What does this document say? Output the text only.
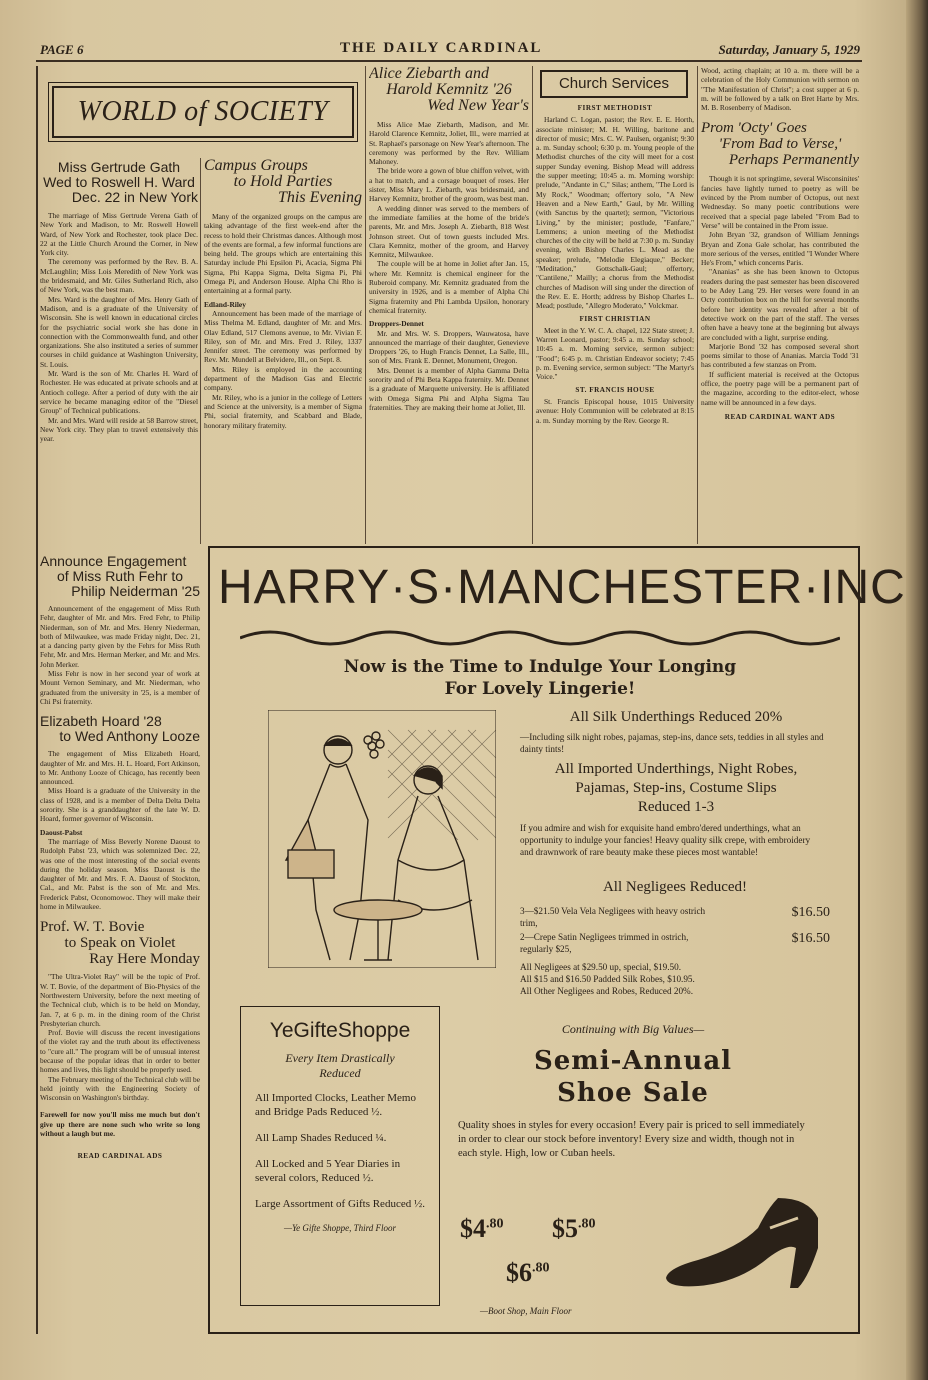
PAGE 6	THE DAILY CARDINAL	Saturday, January 5, 1929
WORLD of SOCIETY
Miss Gertrude Gath
Wed to Roswell H. Ward
Dec. 22 in New York

The marriage of Miss Gertrude Verena Gath of New York and Madison, to Mr. Roswell Howell Ward, of New York and Rochester, took place Dec. 22 at the Little Church Around the Corner, in New York city.

The ceremony was performed by the Rev. B. A. McLaughlin; Miss Lois Meredith of New York was the bridesmaid, and Mr. Giles Sutherland Rich, also of New York, was the best man.

Mrs. Ward is the daughter of Mrs. Henry Gath of Madison, and is a graduate of the University of Wisconsin. She is well known in educational circles for the psychiatric social work she has done in connection with the Commonwealth fund, and other organizations. She also instituted a series of summer courses in child guidance at Washington University, St. Louis.

Mr. Ward is the son of Mr. Charles H. Ward of Rochester. He was educated at private schools and at Antioch college. After a period of duty with the air service he became managing editor of the "Diesel Group" of Technical publications.

Mr. and Mrs. Ward will reside at 58 Barrow street, New York city. They plan to travel extensively this year.

Campus Groups
to Hold Parties
This Evening

Many of the organized groups on the campus are taking advantage of the first week-end after the recess to hold their Christmas dances. Although most of the events are formal, a few informal functions are being held. The groups which are entertaining this Saturday include Phi Epsilon Pi, Acacia, Sigma Phi Sigma, Phi Kappa Sigma, Delta Sigma Pi, Phi Omega Pi, and Anderson House. Alpha Chi Rho is entertaining at a formal party.

Edland-Riley

Announcement has been made of the marriage of Miss Thelma M. Edland, daughter of Mr. and Mrs. Olav Edland, 517 Clemons avenue, to Mr. Vivian F. Riley, son of Mr. and Mrs. Fred J. Riley, 1337 Jennifer street. The ceremony was performed by Rev. Mr. Mundell at Belvidere, Ill., on Sept. 8.

Mrs. Riley is employed in the accounting department of the Madison Gas and Electric company.

Mr. Riley, who is a junior in the college of Letters and Science at the university, is a member of Sigma Phi, social fraternity, and Scabbard and Blade, honorary military fraternity.

Alice Ziebarth and
Harold Kemnitz '26
Wed New Year's

Miss Alice Mae Ziebarth, Madison, and Mr. Harold Clarence Kemnitz, Joliet, Ill., were married at St. Raphael's parsonage on New Year's afternoon. The ceremony was performed by the Rev. William Mahoney.

The bride wore a gown of blue chiffon velvet, with a hat to match, and a corsage bouquet of roses. Her sister, Miss Mary L. Ziebarth, was bridesmaid, and Harvey Kemnitz, brother of the groom, was best man.

A wedding dinner was served to the members of the immediate families at the home of the bride's parents, Mr. and Mrs. Joseph A. Ziebarth, 818 West Johnson street. Out of town guests included Mrs. Clara Kemnitz, mother of the groom, and Harvey Kemnitz, Milwaukee.

The couple will be at home in Joliet after Jan. 15, where Mr. Kemnitz is chemical engineer for the Ruberoid company. Mr. Kemnitz graduated from the university in 1926, and is a member of Alpha Chi Sigma fraternity and Phi Lambda Upsilon, honorary chemical fraternity.

Droppers-Dennet

Mr. and Mrs. W. S. Droppers, Wauwatosa, have announced the marriage of their daughter, Genevieve Droppers '26, to Hugh Francis Dennet, La Salle, Ill., son of Mrs. Frank E. Dennet, Monument, Oregon.

Mrs. Dennet is a member of Alpha Gamma Delta sorority and of Phi Beta Kappa fraternity. Mr. Dennet is a graduate of Marquette university. He is affiliated with Omega Sigma Phi and Alpha Sigma Tau fraternities. They are making their home at Joliet, Ill.

Church Services
FIRST METHODIST

Harland C. Logan, pastor; the Rev. E. E. Horth, associate minister; M. H. Willing, baritone and director of music; Mrs. C. W. Paulsen, organist; 9:30 a. m. Sunday school; 6:30 p. m. Young people of the Methodist churches of the city will meet for a cost supper Sunday evening. Bishop Mead will address the supper meeting; 10:45 a. m. Morning worship: prelude, "Andante in C," Silas; anthem, "The Lord is My Rock," Woodman; offertory solo, "A New Heaven and a New Earth," Gaul, by Mr. Willing (with Sanctus by the quartet); sermon, "Victorious Living," by the minister; postlude, "Fanfare," Lemmens; a union meeting of the Methodist churches of the city will be held at 7:30 p. m. Sunday evening, with Bishop Charles L. Mead as the speaker; prelude, "Melodie Elegiaque," Becker; "Meditation," Gottschalk-Gaul; offertory, "Cantilene," Mailly; a chorus from the Methodist churches of Madison will sing under the direction of the Rev. E. E. Horth; address by Bishop Charles L. Mead; postlude, "Allegro Moderato," Volckmar.

FIRST CHRISTIAN

Meet in the Y. W. C. A. chapel, 122 State street; J. Warren Leonard, pastor; 9:45 a. m. Sunday school; 10:45 a. m. Morning service, sermon subject: "Food"; 6:45 p. m. Christian Endeavor society; 7:45 p. m. Evening service, sermon subject: "The Martyr's Voice."

ST. FRANCIS HOUSE

St. Francis Episcopal house, 1015 University avenue: Holy Communion will be celebrated at 8:15 a. m. Sunday morning by the Rev. George R.

Wood, acting chaplain; at 10 a. m. there will be a celebration of the Holy Communion with sermon on "The Manifestation of Christ"; a cost supper at 6 p. m. will be followed by a talk on Bret Harte by Mrs. M. B. Rosenberry of Madison.
Prom 'Octy' Goes
'From Bad to Verse,'
Perhaps Permanently

Though it is not springtime, several Wisconsinites' fancies have lightly turned to poetry as will be evinced by the Prom number of Octopus, out next Wednesday. So many poetic contributions were received that a special page labeled "From Bad to Verse" will be contained in the Prom issue.

John Bryan '32, grandson of William Jennings Bryan and Zona Gale scholar, has contributed the more serious of the verses, entitled "I Wonder Where He's From," which concerns Paris.

"Ananias" as she has been known to Octopus readers during the past semester has been discovered to be Adey Lang '29. Her verses were found in an Octy contribution box on the hill for several months before her identity was revealed after a bit of detective work on the part of the staff. The verses often have a heavy tone at the beginning but always are concluded with a light, surprise ending.

Marjorie Bond '32 has composed several short poems similar to those of Ananias. Marcia Todd '31 has contributed a few stanzas on Prom.

If sufficient material is received at the Octopus office, the poetry page will be a permanent part of the magazine, according to the editor-elect, whose name will be announced in a few days.

READ CARDINAL WANT ADS
Announce Engagement
of Miss Ruth Fehr to
Philip Neiderman '25

Announcement of the engagement of Miss Ruth Fehr, daughter of Mr. and Mrs. Fred Fehr, to Philip Niederman, son of Mr. and Mrs. Henry Niederman, both of Milwaukee, was made Friday night, Dec. 21, at a dancing party given by the Fehrs for Miss Ruth Fehr, Mr. and Mrs. Herman Merker, and Mr. and Mrs. John Merker.

Miss Fehr is now in her second year of work at Mount Vernon Seminary, and Mr. Niederman, who graduated from the university in '25, is a member of Chi Psi fraternity.

Elizabeth Hoard '28
to Wed Anthony Looze

The engagement of Miss Elizabeth Hoard, daughter of Mr. and Mrs. H. L. Hoard, Fort Atkinson, to Mr. Anthony Looze of Chicago, has recently been announced.

Miss Hoard is a graduate of the University in the class of 1928, and is a member of Delta Delta Delta sorority. She is a granddaughter of the late W. D. Hoard, former governor of Wisconsin.

Daoust-Pabst

The marriage of Miss Beverly Norene Daoust to Rudolph Pabst '23, which was solemnized Dec. 22, was one of the most interesting of the social events during the holiday season. Miss Daoust is the daughter of Mr. and Mrs. F. A. Daoust of Stockton, Cal., and Mr. Pabst is the son of Mr. and Mrs. Frederick Pabst, Oconomowoc. They will make their home in Milwaukee.

Prof. W. T. Bovie
to Speak on Violet
Ray Here Monday

"The Ultra-Violet Ray" will be the topic of Prof. W. T. Bovie, of the department of Bio-Physics of the Northwestern University, before the next meeting of the Technical club, which is to be held on Monday, Jan. 7, at 6 p. m. in the dining room of the Christ Presbyterian church.

Prof. Bovie will discuss the recent investigations of the violet ray and the truth about its effectiveness to "cure all." The program will be of unusual interest because of the popular ideas that in order to better homes and lives, this light should be properly used.

The February meeting of the Technical club will be held jointly with the Engineering Society of Wisconsin on Washington's birthday.

Farewell for now you'll miss me much but don't give up there are none such who write so long without a laugh but me.
READ CARDINAL ADS
HARRY·S·MANCHESTER·INC
Now is the Time to Indulge Your Longing
For Lovely Lingerie!
All Silk Underthings Reduced 20%
—Including silk night robes, pajamas, step-ins, dance sets, teddies in all styles and dainty tints!
All Imported Underthings, Night Robes,
Pajamas, Step-ins, Costume Slips
Reduced 1-3
If you admire and wish for exquisite hand embro'dered underthings, what an opportunity to indulge your fancies! Heavy quality silk crepe, with embroidery and drawnwork of rare beauty make these pieces most wantable!
All Negligees Reduced!
3—$21.50 Vela Vela Negligees with heavy ostrich trim,
$16.50
2—Crepe Satin Negligees trimmed in ostrich, regularly $25,
$16.50
All Negligees at $29.50 up, special, $19.50.
All $15 and $16.50 Padded Silk Robes, $10.95.
All Other Negligees and Robes, Reduced 20%.
YeGifteShoppe
Every Item Drastically
Reduced
All Imported Clocks, Leather Memo and Bridge Pads Reduced ½.
All Lamp Shades Reduced ¼.
All Locked and 5 Year Diaries in several colors, Reduced ½.
Large Assortment of Gifts Reduced ½.
—Ye Gifte Shoppe, Third Floor
Continuing with Big Values—
Semi-Annual
Shoe Sale
Quality shoes in styles for every occasion! Every pair is priced to sell immediately in order to clear our stock before inventory! Every size and width, though not in each style. High, low or Cuban heels.
$\$4^{.80}$ $\$5^{.80}$
$\$6^{.80}$
—Boot Shop, Main Floor
